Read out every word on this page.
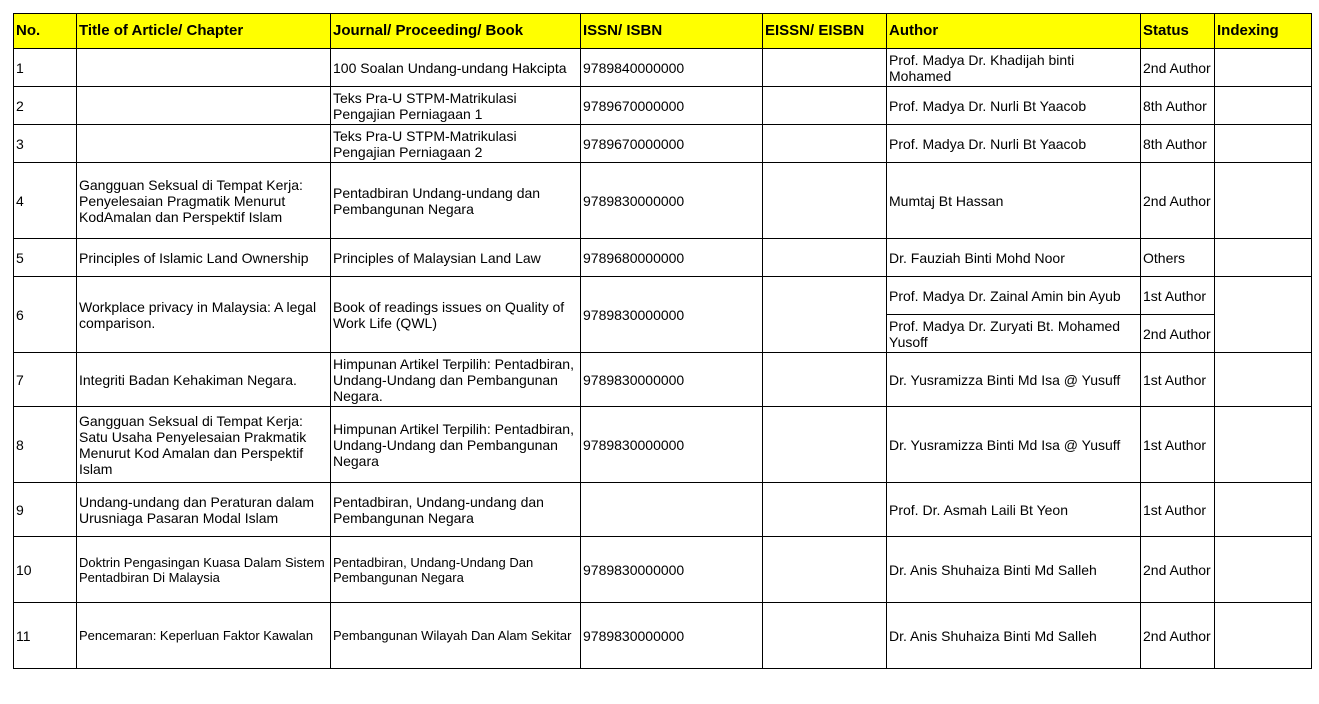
No.	Title of Article/ Chapter	Journal/ Proceeding/ Book	ISSN/ ISBN	EISSN/ EISBN	Author	Status	Indexing
1		100 Soalan Undang-undang Hakcipta	9789840000000		Prof. Madya Dr. Khadijah binti Mohamed	2nd Author	
2		Teks Pra-U STPM-Matrikulasi Pengajian Perniagaan 1	9789670000000		Prof. Madya Dr. Nurli Bt Yaacob	8th Author	
3		Teks Pra-U STPM-Matrikulasi Pengajian Perniagaan 2	9789670000000		Prof. Madya Dr. Nurli Bt Yaacob	8th Author	
4	Gangguan Seksual di Tempat Kerja: Penyelesaian Pragmatik Menurut KodAmalan dan Perspektif Islam	Pentadbiran Undang-undang dan Pembangunan Negara	9789830000000		Mumtaj Bt Hassan	2nd Author	
5	Principles of Islamic Land Ownership	Principles of Malaysian Land Law	9789680000000		Dr. Fauziah Binti Mohd Noor	Others	
6	Workplace privacy in Malaysia: A legal comparison.	Book of readings issues on Quality of Work Life (QWL)	9789830000000		Prof. Madya Dr. Zainal Amin bin Ayub	1st Author	
					Prof. Madya Dr. Zuryati Bt. Mohamed Yusoff	2nd Author	
7	Integriti Badan Kehakiman Negara.	Himpunan Artikel Terpilih: Pentadbiran, Undang-Undang dan Pembangunan Negara.	9789830000000		Dr. Yusramizza Binti Md Isa @ Yusuff	1st Author	
8	Gangguan Seksual di Tempat Kerja: Satu Usaha Penyelesaian Prakmatik Menurut Kod Amalan dan Perspektif Islam	Himpunan Artikel Terpilih: Pentadbiran, Undang-Undang dan Pembangunan Negara	9789830000000		Dr. Yusramizza Binti Md Isa @ Yusuff	1st Author	
9	Undang-undang dan Peraturan dalam Urusniaga Pasaran Modal Islam	Pentadbiran, Undang-undang dan Pembangunan Negara			Prof. Dr. Asmah Laili Bt Yeon	1st Author	
10	Doktrin Pengasingan Kuasa Dalam Sistem Pentadbiran Di Malaysia	Pentadbiran, Undang-Undang Dan Pembangunan Negara	9789830000000		Dr. Anis Shuhaiza Binti Md Salleh	2nd Author	
11	Pencemaran: Keperluan Faktor Kawalan	Pembangunan Wilayah Dan Alam Sekitar	9789830000000		Dr. Anis Shuhaiza Binti Md Salleh	2nd Author	
